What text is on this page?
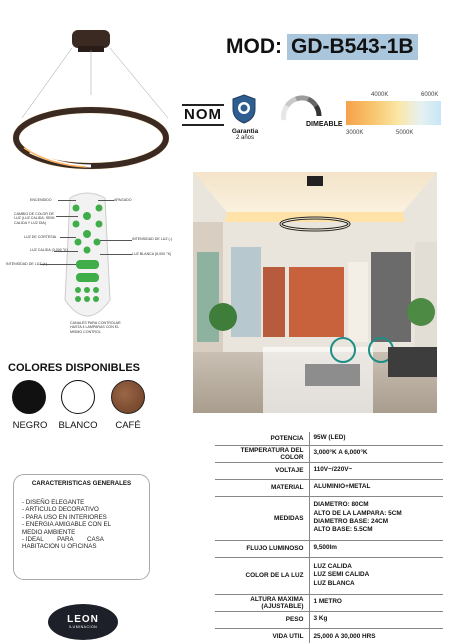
MOD: GD-B543-1B
NOM
Garantia
2 años
DIMEABLE
4000K	6000K
3000K	5000K
ENCENDIDO	APAGADO
CAMBIO DE COLOR DE LUZ (LUZ CALIDA, SEMI CALIDA Y LUZ DIA)
LUZ DE CORTESIA	INTENSIDAD DE LUZ (-)
LUZ CALIDA (3,000 °K)
LUZ BLANCA (6,000 °K)
INTENSIDAD DE LUZ (+)
CANALES PARA CONTROLAR HASTA 4 LAMPARAS CON EL MISMO CONTROL
COLORES DISPONIBLES
NEGRO	BLANCO	CAFÉ
CARACTERISTICAS GENERALES
- DISEÑO ELEGANTE
- ARTICULO DECORATIVO
- PARA USO EN INTERIORES
- ENERGIA AMIGABLE CON EL
MEDIO AMBIENTE
- IDEAL        PARA        CASA
HABITACION U OFICINAS
POTENCIA	95W (LED)
TEMPERATURA DEL COLOR	3,000°K A 6,000°K
VOLTAJE	110V~/220V~
MATERIAL	ALUMINIO+METAL
MEDIDAS	DIAMETRO: 80CM
ALTO DE LA LAMPARA: 5CM
DIAMETRO BASE: 24CM
ALTO BASE: 5.5CM
FLUJO LUMINOSO	9,500lm
COLOR DE LA LUZ	LUZ CALIDA
LUZ SEMI CALIDA
LUZ BLANCA
ALTURA MAXIMA (AJUSTABLE)	1 METRO
PESO	3 Kg
VIDA UTIL	25,000 A 30,000 HRS
LEON
ILUMINACION
